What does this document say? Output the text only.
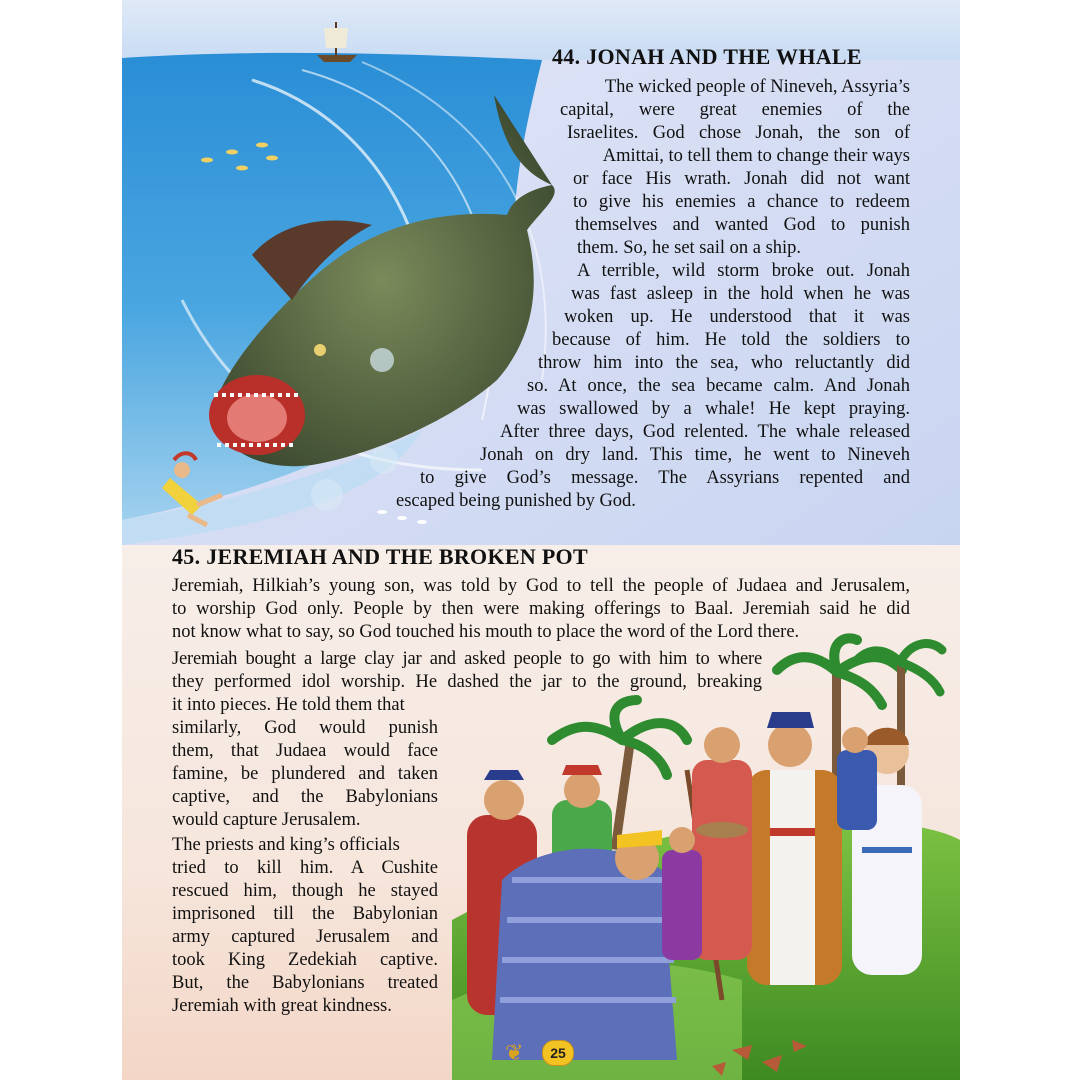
44. JONAH AND THE WHALE

The wicked people of Nineveh, Assyria’s

capital, were great enemies of the

Israelites. God chose Jonah, the son of

Amittai, to tell them to change their ways

or face His wrath. Jonah did not want

to give his enemies a chance to redeem

themselves and wanted God to punish

them. So, he set sail on a ship.

A terrible, wild storm broke out. Jonah

was fast asleep in the hold when he was

woken up. He understood that it was

because of him. He told the soldiers to

throw him into the sea, who reluctantly did

so. At once, the sea became calm. And Jonah

was swallowed by a whale! He kept praying.

After three days, God relented. The whale released

Jonah on dry land. This time, he went to Nineveh

to give God’s message. The Assyrians repented and

escaped being punished by God.

45. JEREMIAH AND THE BROKEN POT

Jeremiah, Hilkiah’s young son, was told by God to tell the people of Judaea and Jerusalem,

to worship God only. People by then were making offerings to Baal. Jeremiah said he did

not know what to say, so God touched his mouth to place the word of the Lord there.

Jeremiah bought a large clay jar and asked people to go with him to where

they performed idol worship. He dashed the jar to the ground, breaking

it into pieces. He told them that

similarly, God would punish

them, that Judaea would face

famine, be plundered and taken

captive, and the Babylonians

would capture Jerusalem.

The priests and king’s officials

tried to kill him. A Cushite

rescued him, though he stayed

imprisoned till the Babylonian

army captured Jerusalem and

took King Zedekiah captive.

But, the Babylonians treated

Jeremiah with great kindness.

❦	25
